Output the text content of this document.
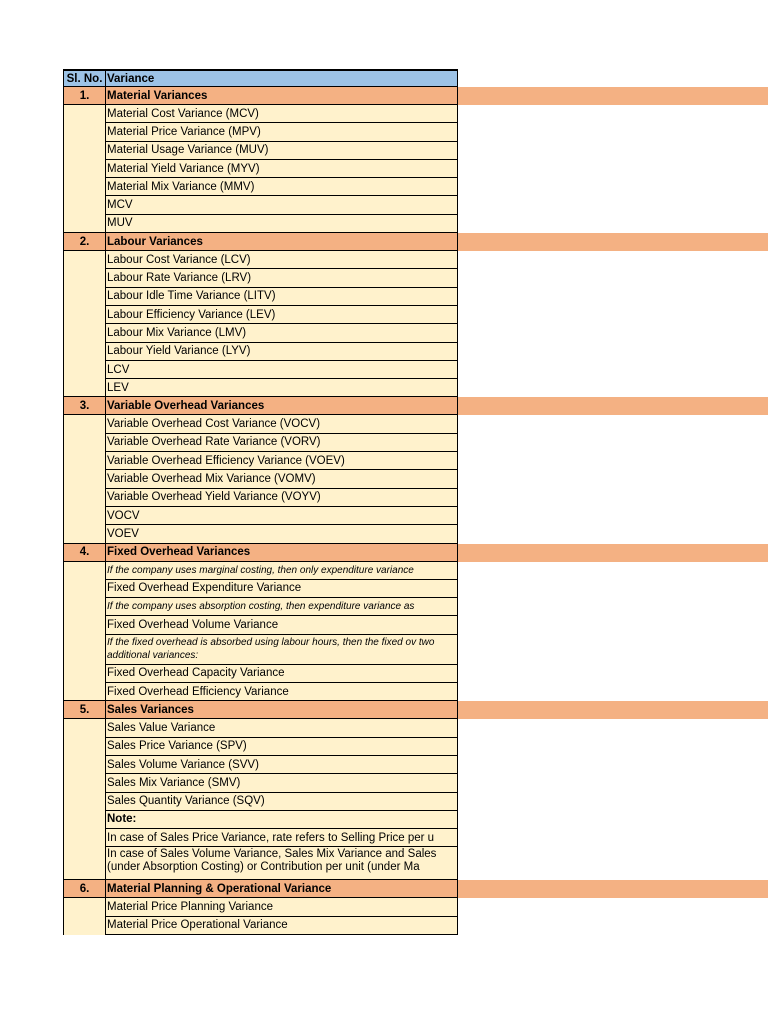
Sl. No. Variance
1.	Material Variances
Material Cost Variance (MCV)
Material Price Variance (MPV)
Material Usage Variance (MUV)
Material Yield Variance (MYV)
Material Mix Variance (MMV)
MCV
MUV
2.	Labour Variances
Labour Cost Variance (LCV)
Labour Rate Variance (LRV)
Labour Idle Time Variance (LITV)
Labour Efficiency Variance (LEV)
Labour Mix Variance (LMV)
Labour Yield Variance (LYV)
LCV
LEV
3.	Variable Overhead Variances
Variable Overhead Cost Variance (VOCV)
Variable Overhead Rate Variance (VORV)
Variable Overhead Efficiency Variance (VOEV)
Variable Overhead Mix Variance (VOMV)
Variable Overhead Yield Variance (VOYV)
VOCV
VOEV
4.	Fixed Overhead Variances
If the company uses marginal costing, then only expenditure variance
Fixed Overhead Expenditure Variance
If the company uses absorption costing, then expenditure variance as
Fixed Overhead Volume Variance
If the fixed overhead is absorbed using labour hours, then the fixed ov two additional variances:
Fixed Overhead Capacity Variance
Fixed Overhead Efficiency Variance
5.	Sales Variances
Sales Value Variance
Sales Price Variance (SPV)
Sales Volume Variance (SVV)
Sales Mix Variance (SMV)
Sales Quantity Variance (SQV)
Note:
In case of Sales Price Variance, rate refers to Selling Price per u
In case of Sales Volume Variance, Sales Mix Variance and Sales (under Absorption Costing) or Contribution per unit (under Ma
6.	Material Planning & Operational Variance
Material Price Planning Variance
Material Price Operational Variance
